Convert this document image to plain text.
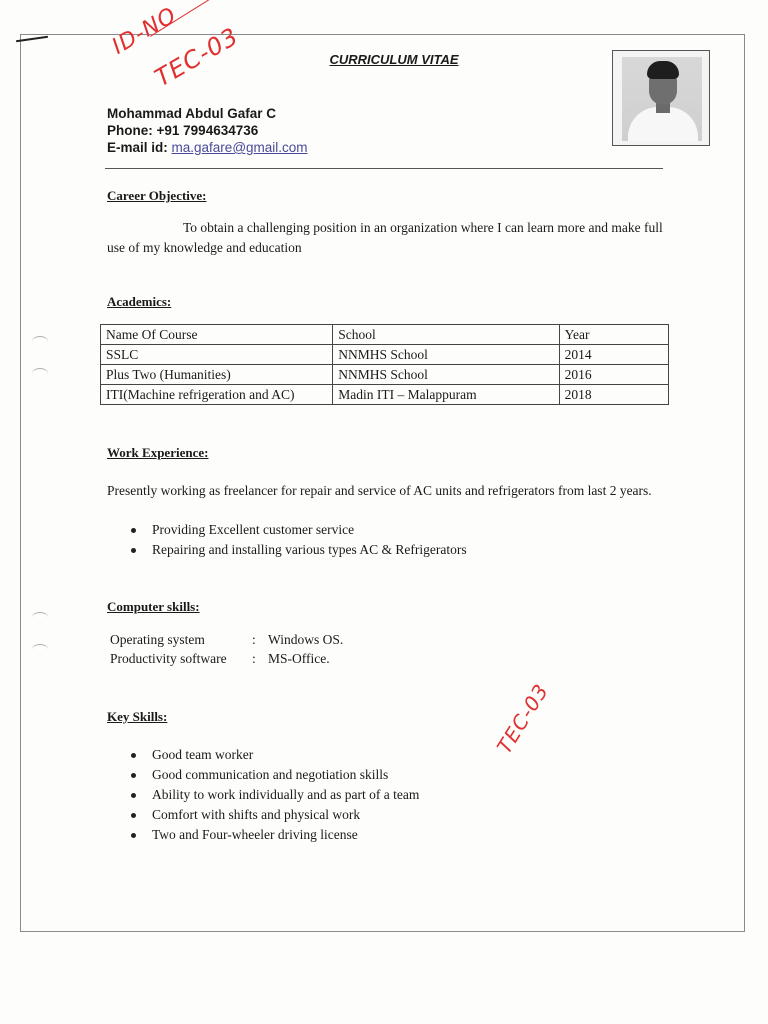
ID-NO
TEC-03
TEC-03
CURRICULUM VITAE
Mohammad Abdul Gafar C
Phone: +91 7994634736
E-mail id: ma.gafare@gmail.com
Career Objective:
To obtain a challenging position in an organization where I can learn more and make full use of my knowledge and education
Academics:
Name Of Course	School	Year
SSLC	NNMHS School	2014
Plus Two (Humanities)	NNMHS School	2016
ITI(Machine refrigeration and AC)	Madin ITI – Malappuram	2018
Work Experience:
Presently working as freelancer for repair and service of AC units and refrigerators from last 2 years.
Providing Excellent customer service
Repairing and installing various types AC & Refrigerators
Computer skills:
Operating system	: Windows OS.
Productivity software	: MS-Office.
Key Skills:
Good team worker
Good communication and negotiation skills
Ability to work individually and as part of a team
Comfort with shifts and physical work
Two and Four-wheeler driving license
